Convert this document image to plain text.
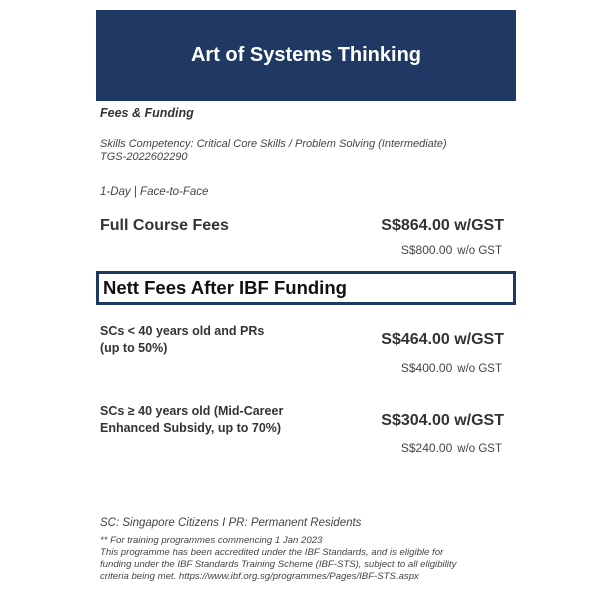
Art of Systems Thinking
Fees & Funding
Skills Competency: Critical Core Skills / Problem Solving (Intermediate)
TGS-2022602290
1-Day | Face-to-Face
Full Course Fees	S$864.00 w/GST
S$800.00 w/o GST
Nett Fees After IBF Funding
SCs < 40 years old and PRs
(up to 50%)	S$464.00 w/GST
S$400.00 w/o GST
SCs ≥ 40 years old (Mid-Career
Enhanced Subsidy, up to 70%)	S$304.00 w/GST
S$240.00 w/o GST
SC: Singapore Citizens I PR: Permanent Residents
** For training programmes commencing 1 Jan 2023
This programme has been accredited under the IBF Standards, and is eligible for
funding under the IBF Standards Training Scheme (IBF-STS), subject to all eligibility
criteria being met. https://www.ibf.org.sg/programmes/Pages/IBF-STS.aspx
